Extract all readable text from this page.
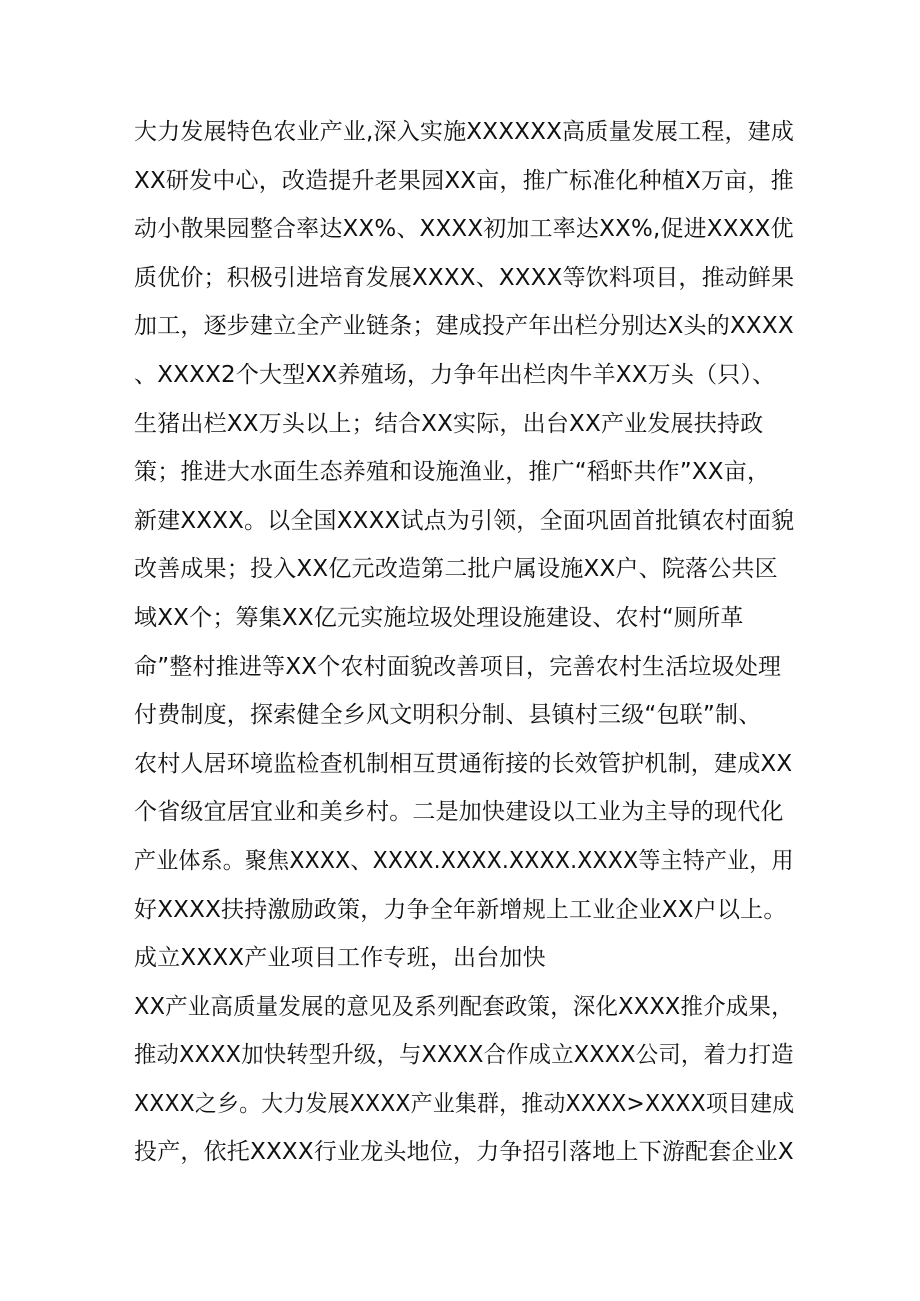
大力发展特色农业产业,深入实施XXXXXX高质量发展工程，建成
XX研发中心，改造提升老果园XX亩，推广标准化种植X万亩，推
动小散果园整合率达XX%、XXXX初加工率达XX%,促进XXXX优
质优价；积极引进培育发展XXXX、XXXX等饮料项目，推动鲜果
加工，逐步建立全产业链条；建成投产年出栏分别达X头的XXXX
、XXXX2个大型XX养殖场，力争年出栏肉牛羊XX万头（只）、
生猪出栏XX万头以上；结合XX实际，出台XX产业发展扶持政
策；推进大水面生态养殖和设施渔业，推广“稻虾共作”XX亩，
新建XXXX。以全国XXXX试点为引领，全面巩固首批镇农村面貌
改善成果；投入XX亿元改造第二批户属设施XX户、院落公共区
域XX个；筹集XX亿元实施垃圾处理设施建设、农村“厕所革
命”整村推进等XX个农村面貌改善项目，完善农村生活垃圾处理
付费制度，探索健全乡风文明积分制、县镇村三级“包联”制、
农村人居环境监检查机制相互贯通衔接的长效管护机制，建成XX
个省级宜居宜业和美乡村。二是加快建设以工业为主导的现代化
产业体系。聚焦XXXX、XXXX.XXXX.XXXX.XXXX等主特产业，用
好XXXX扶持激励政策，力争全年新增规上工业企业XX户以上。
成立XXXX产业项目工作专班，出台加快
XX产业高质量发展的意见及系列配套政策，深化XXXX推介成果，
推动XXXX加快转型升级，与XXXX合作成立XXXX公司，着力打造
XXXX之乡。大力发展XXXX产业集群，推动XXXX>XXXX项目建成
投产，依托XXXX行业龙头地位，力争招引落地上下游配套企业X
